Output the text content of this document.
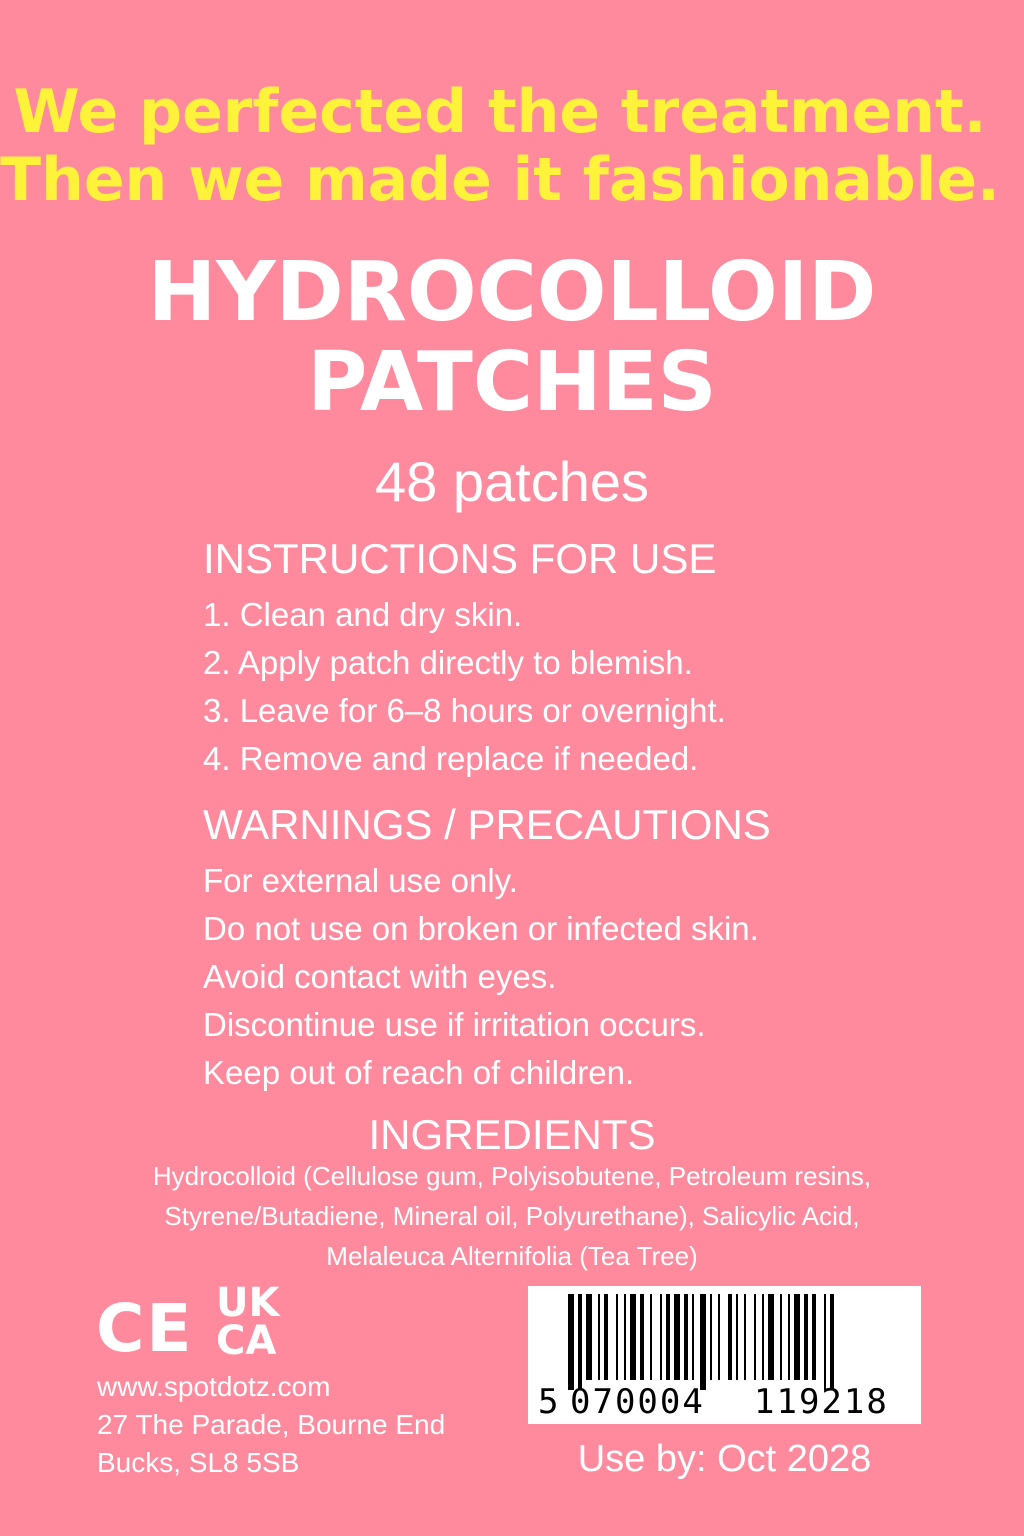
We perfected the treatment.
Then we made it fashionable.
HYDROCOLLOID
PATCHES
48 patches
INSTRUCTIONS FOR USE
1. Clean and dry skin.
2. Apply patch directly to blemish.
3. Leave for 6–8 hours or overnight.
4. Remove and replace if needed.
WARNINGS / PRECAUTIONS
For external use only.
Do not use on broken or infected skin.
Avoid contact with eyes.
Discontinue use if irritation occurs.
Keep out of reach of children.
INGREDIENTS
Hydrocolloid (Cellulose gum, Polyisobutene, Petroleum resins,
Styrene/Butadiene, Mineral oil, Polyurethane), Salicylic Acid,
Melaleuca Alternifolia (Tea Tree)
CE UK
CA
www.spotdotz.com
27 The Parade, Bourne End
Bucks, SL8 5SB
5 070004 119218
Use by: Oct 2028
